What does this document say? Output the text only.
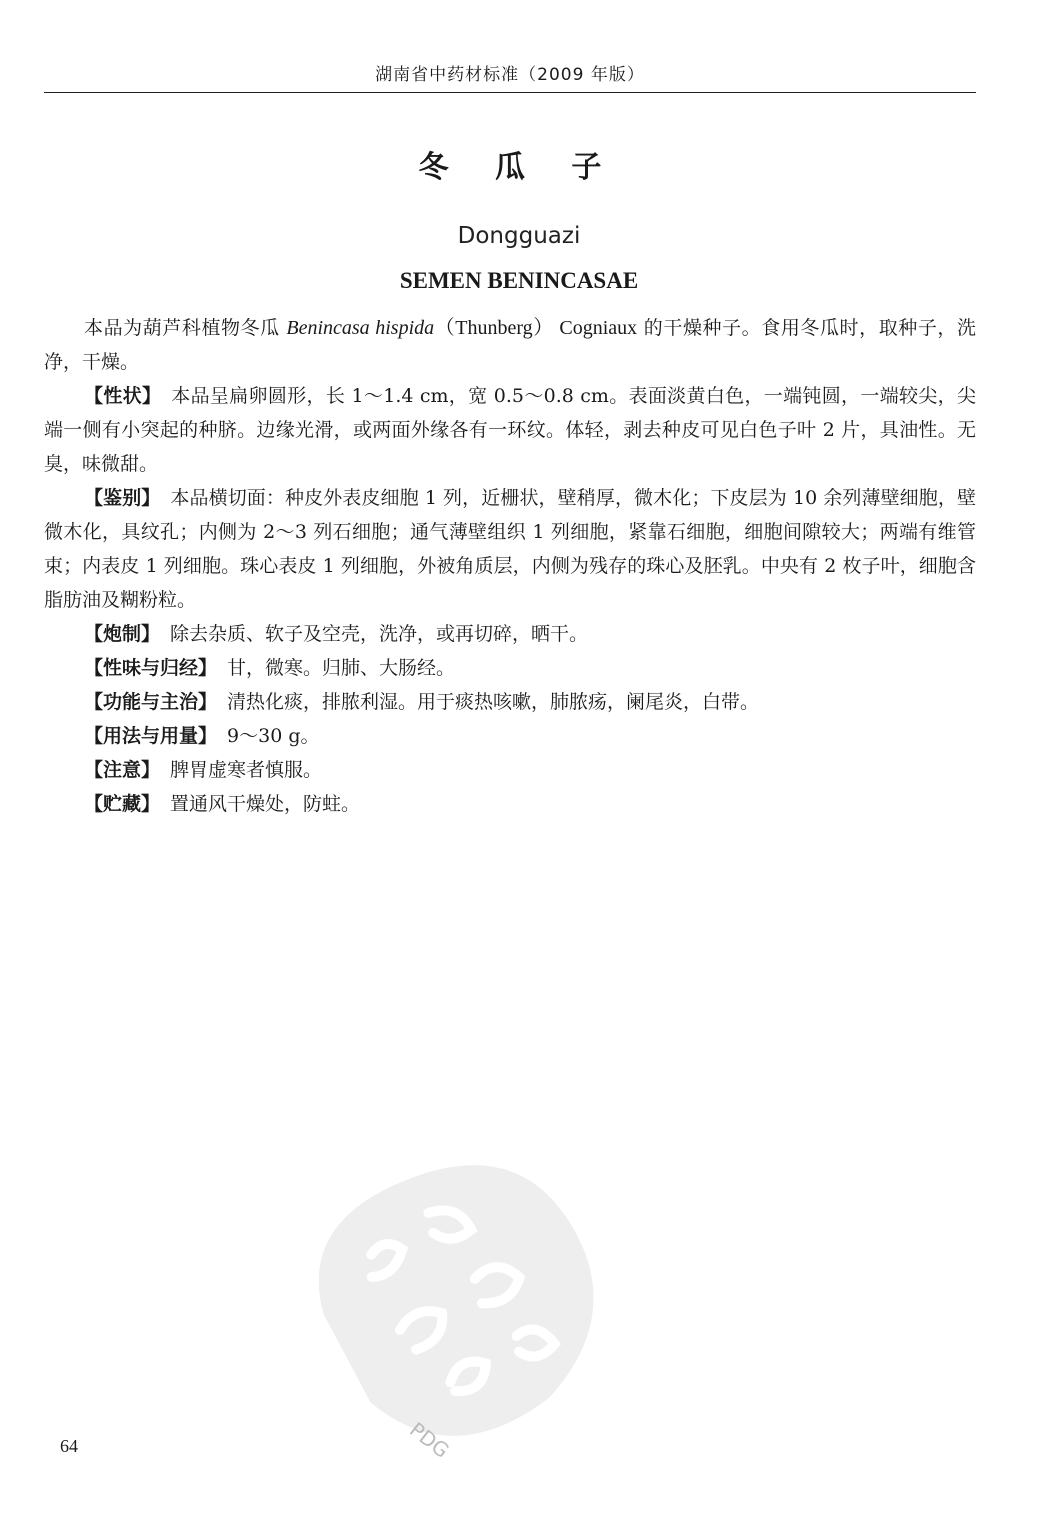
湖南省中药材标准（2009 年版）
冬 瓜 子
Dongguazi
SEMEN BENINCASAE

本品为葫芦科植物冬瓜 Benincasa hispida（Thunberg） Cogniaux 的干燥种子。食用冬瓜时，取种子，洗净，干燥。

【性状】 本品呈扁卵圆形，长 1～1.4 cm，宽 0.5～0.8 cm。表面淡黄白色，一端钝圆，一端较尖，尖端一侧有小突起的种脐。边缘光滑，或两面外缘各有一环纹。体轻，剥去种皮可见白色子叶 2 片，具油性。无臭，味微甜。

【鉴别】 本品横切面：种皮外表皮细胞 1 列，近栅状，壁稍厚，微木化；下皮层为 10 余列薄壁细胞，壁微木化，具纹孔；内侧为 2～3 列石细胞；通气薄壁组织 1 列细胞，紧靠石细胞，细胞间隙较大；两端有维管束；内表皮 1 列细胞。珠心表皮 1 列细胞，外被角质层，内侧为残存的珠心及胚乳。中央有 2 枚子叶，细胞含脂肪油及糊粉粒。

【炮制】 除去杂质、软子及空壳，洗净，或再切碎，晒干。

【性味与归经】 甘，微寒。归肺、大肠经。

【功能与主治】 清热化痰，排脓利湿。用于痰热咳嗽，肺脓疡，阑尾炎，白带。

【用法与用量】 9～30 g。

【注意】 脾胃虚寒者慎服。

【贮藏】 置通风干燥处，防蛀。

PDG
64
